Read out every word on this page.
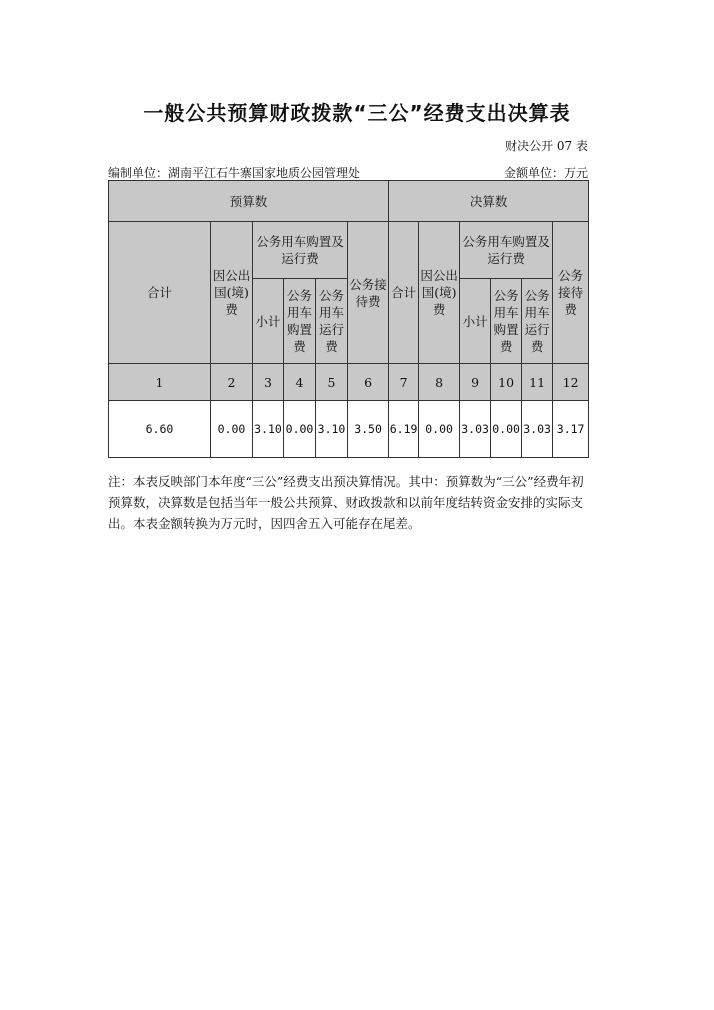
一般公共预算财政拨款“三公”经费支出决算表
财决公开 07 表
编制单位：湖南平江石牛寨国家地质公园管理处	金额单位：万元
预算数						决算数					
合计	因公出国(境)费	公务用车购置及运行费			公务接待费	合计	因公出国(境)费	公务用车购置及运行费			公务接待费
		小计	公务用车购置费	公务用车运行费				小计	公务用车购置费	公务用车运行费	
1	2	3	4	5	6	7	8	9	10	11	12
6.60	0.00	3.10	0.00	3.10	3.50	6.19	0.00	3.03	0.00	3.03	3.17
注：本表反映部门本年度“三公”经费支出预决算情况。其中：预算数为“三公”经费年初预算数，决算数是包括当年一般公共预算、财政拨款和以前年度结转资金安排的实际支出。本表金额转换为万元时，因四舍五入可能存在尾差。
